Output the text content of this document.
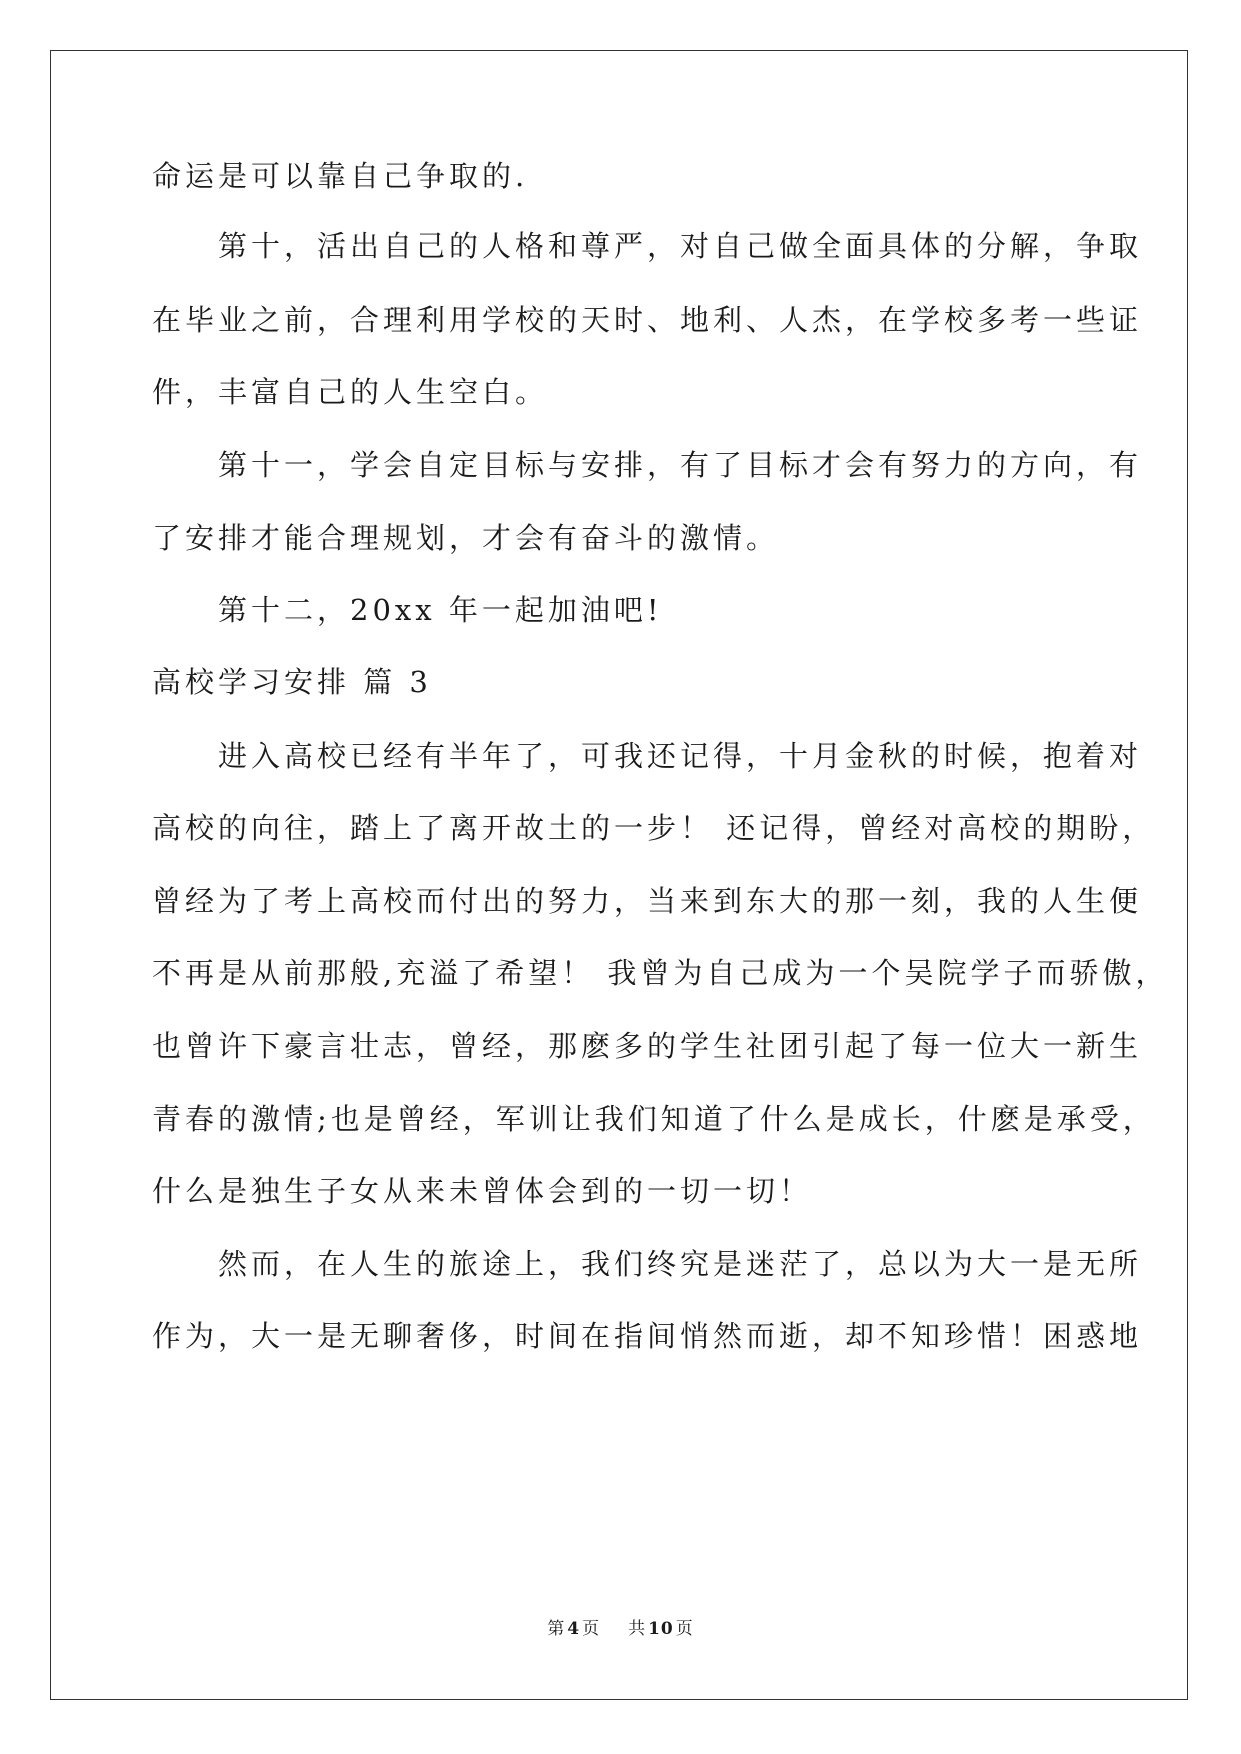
命运是可以靠自己争取的.

　　第十，活出自己的人格和尊严，对自己做全面具体的分解，争取

在毕业之前，合理利用学校的天时、地利、人杰，在学校多考一些证

件，丰富自己的人生空白。

　　第十一，学会自定目标与安排，有了目标才会有努力的方向，有

了安排才能合理规划，才会有奋斗的激情。

　　第十二，20xx 年一起加油吧!

高校学习安排 篇 3

　　进入高校已经有半年了，可我还记得，十月金秋的时候，抱着对

高校的向往，踏上了离开故土的一步！ 还记得，曾经对高校的期盼，

曾经为了考上高校而付出的努力，当来到东大的那一刻，我的人生便

不再是从前那般,充溢了希望！ 我曾为自己成为一个吴院学子而骄傲，

也曾许下豪言壮志，曾经，那麽多的学生社团引起了每一位大一新生

青春的激情;也是曾经，军训让我们知道了什么是成长，什麽是承受，

什么是独生子女从来未曾体会到的一切一切！

　　然而，在人生的旅途上，我们终究是迷茫了，总以为大一是无所

作为，大一是无聊奢侈，时间在指间悄然而逝，却不知珍惜！困惑地

第 4 页 共 10 页
